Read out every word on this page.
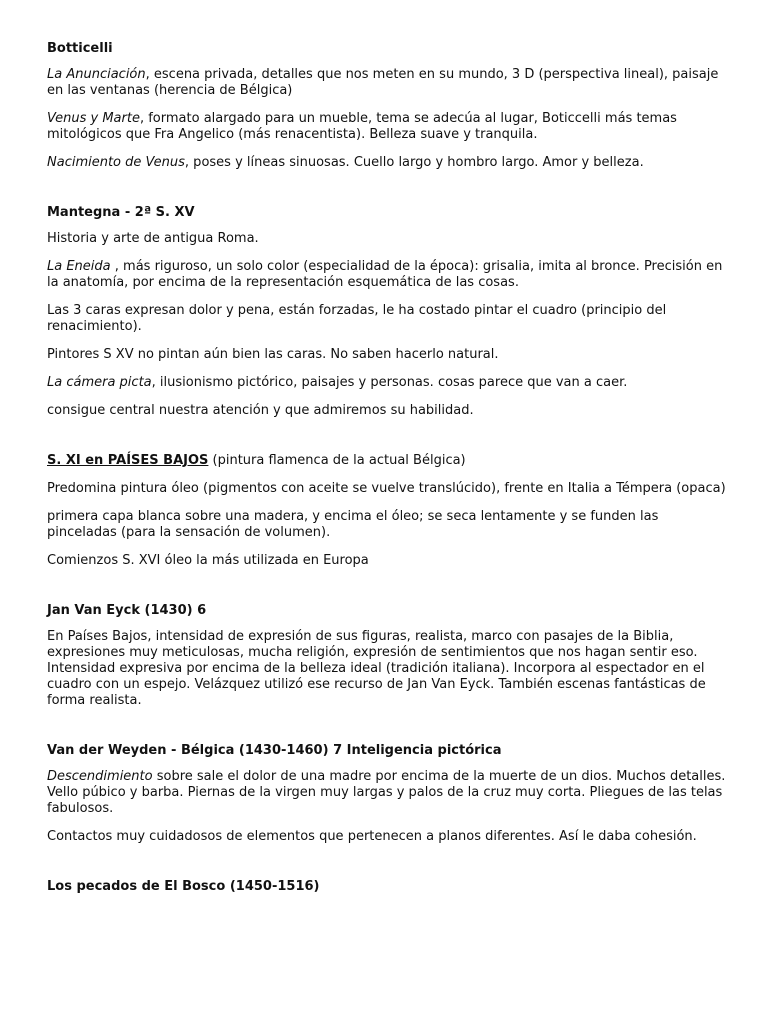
Botticelli

La Anunciación, escena privada, detalles que nos meten en su mundo, 3 D (perspectiva lineal), paisaje en las ventanas (herencia de Bélgica)

Venus y Marte, formato alargado para un mueble, tema se adecúa al lugar, Boticcelli más temas mitológicos que Fra Angelico (más renacentista). Belleza suave y tranquila.

Nacimiento de Venus, poses y líneas sinuosas. Cuello largo y hombro largo. Amor y belleza.

Mantegna - 2ª S. XV

Historia y arte de antigua Roma.

La Eneida , más riguroso, un solo color (especialidad de la época): grisalia, imita al bronce. Precisión en la anatomía, por encima de la representación esquemática de las cosas.

Las 3 caras expresan dolor y pena, están forzadas, le ha costado pintar el cuadro (principio del renacimiento).

Pintores S XV no pintan aún bien las caras. No saben hacerlo natural.

La cámera picta, ilusionismo pictórico, paisajes y personas. cosas parece que van a caer.

consigue central nuestra atención y que admiremos su habilidad.

S. XI en PAÍSES BAJOS (pintura flamenca de la actual Bélgica)

Predomina pintura óleo (pigmentos con aceite se vuelve translúcido), frente en Italia a Témpera (opaca)

primera capa blanca sobre una madera, y encima el óleo; se seca lentamente y se funden las pinceladas (para la sensación de volumen).

Comienzos S. XVI óleo la más utilizada en Europa

Jan Van Eyck (1430) 6

En Países Bajos, intensidad de expresión de sus figuras, realista, marco con pasajes de la Biblia, expresiones muy meticulosas, mucha religión, expresión de sentimientos que nos hagan sentir eso. Intensidad expresiva por encima de la belleza ideal (tradición italiana). Incorpora al espectador en el cuadro con un espejo. Velázquez utilizó ese recurso de Jan Van Eyck. También escenas fantásticas de forma realista.

Van der Weyden - Bélgica (1430-1460) 7 Inteligencia pictórica

Descendimiento sobre sale el dolor de una madre por encima de la muerte de un dios. Muchos detalles. Vello púbico y barba. Piernas de la virgen muy largas y palos de la cruz muy corta. Pliegues de las telas fabulosos.

Contactos muy cuidadosos de elementos que pertenecen a planos diferentes. Así le daba cohesión.

Los pecados de El Bosco (1450-1516)
